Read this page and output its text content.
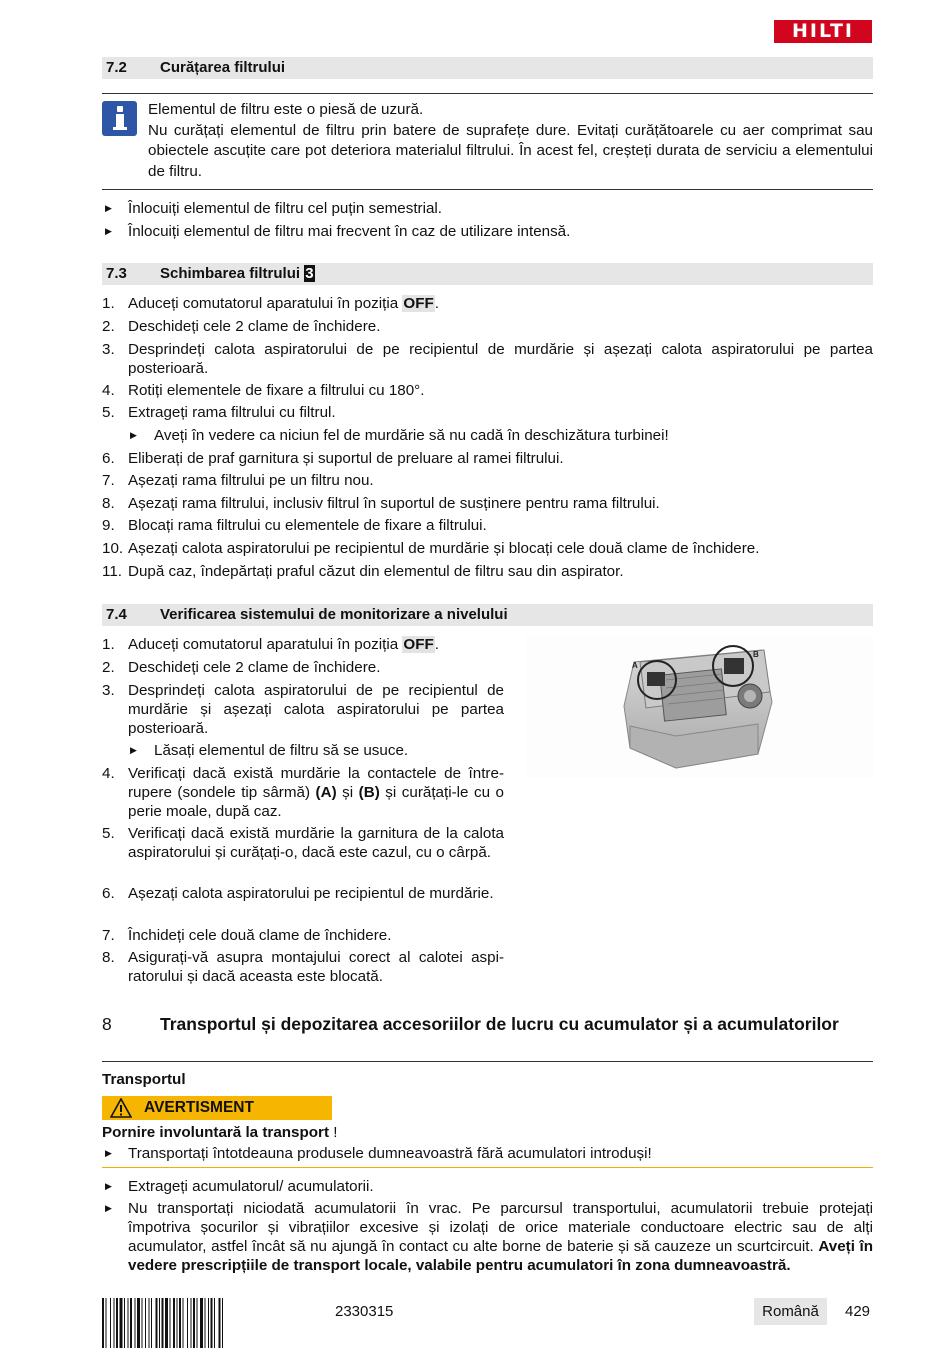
HILTI
7.2 Curățarea filtrului
Elementul de filtru este o piesă de uzură.
Nu curățați elementul de filtru prin batere de suprafețe dure. Evitați curățătoarele cu aer comprimat sau obiectele ascuțite care pot deteriora materialul filtrului. În acest fel, creșteți durata de serviciu a elementului de filtru.
▶ Înlocuiți elementul de filtru cel puțin semestrial.
▶ Înlocuiți elementul de filtru mai frecvent în caz de utilizare intensă.
7.3 Schimbarea filtrului 3
1. Aduceți comutatorul aparatului în poziția OFF.
2. Deschideți cele 2 clame de închidere.
3. Desprindeți calota aspiratorului de pe recipientul de murdărie și așezați calota aspiratorului pe partea posterioară.
4. Rotiți elementele de fixare a filtrului cu 180°.
5. Extrageți rama filtrului cu filtrul.
▶ Aveți în vedere ca niciun fel de murdărie să nu cadă în deschizătura turbinei!
6. Eliberați de praf garnitura și suportul de preluare al ramei filtrului.
7. Așezați rama filtrului pe un filtru nou.
8. Așezați rama filtrului, inclusiv filtrul în suportul de susținere pentru rama filtrului.
9. Blocați rama filtrului cu elementele de fixare a filtrului.
10. Așezați calota aspiratorului pe recipientul de murdărie și blocați cele două clame de închidere.
11. După caz, îndepărtați praful căzut din elementul de filtru sau din aspirator.
7.4 Verificarea sistemului de monitorizare a nivelului
1. Aduceți comutatorul aparatului în poziția OFF.
2. Deschideți cele 2 clame de închidere.
3. Desprindeți calota aspiratorului de pe recipientul de murdărie și așezați calota aspiratorului pe partea posterioară.
▶ Lăsați elementul de filtru să se usuce.
4. Verificați dacă există murdărie la contactele de întrerupere (sondele tip sârmă) (A) și (B) și curățați-le cu o perie moale, după caz.
5. Verificați dacă există murdărie la garnitura de la calota aspiratorului și curățați-o, dacă este cazul, cu o cârpă.
6. Așezați calota aspiratorului pe recipientul de murdărie.
7. Închideți cele două clame de închidere.
8. Asigurați-vă asupra montajului corect al calotei aspiratorului și dacă aceasta este blocată.
A
B
8	Transportul și depozitarea accesoriilor de lucru cu acumulator și a acumulatorilor
Transportul
AVERTISMENT
Pornire involuntară la transport !
▶ Transportați întotdeauna produsele dumneavoastră fără acumulatori introduși!
▶ Extrageți acumulatorul/ acumulatorii.
▶ Nu transportați niciodată acumulatorii în vrac. Pe parcursul transportului, acumulatorii trebuie protejați împotriva șocurilor și vibrațiilor excesive și izolați de orice materiale conductoare electric sau de alți acumulator, astfel încât să nu ajungă în contact cu alte borne de baterie și să cauzeze un scurtcircuit. Aveți în vedere prescripțiile de transport locale, valabile pentru acumulatori în zona dumneavoastră.
2330315	Română	429
